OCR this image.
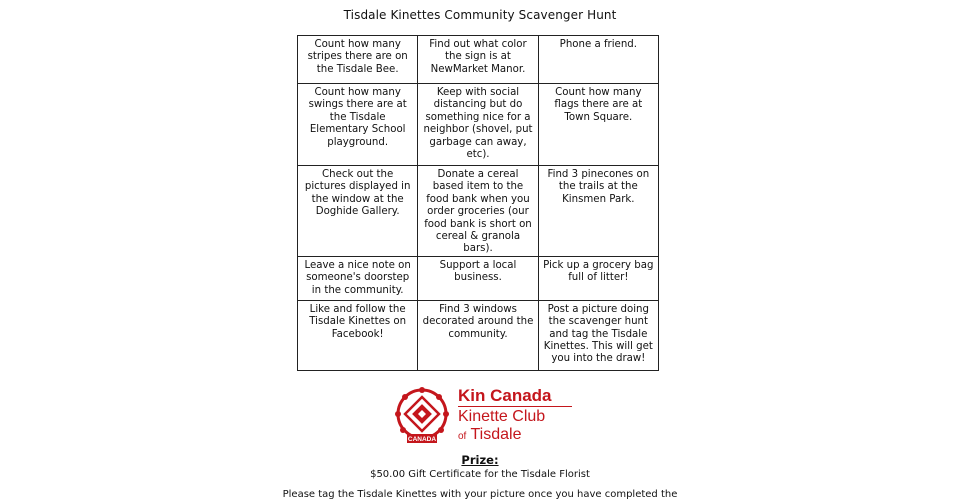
Tisdale Kinettes Community Scavenger Hunt
Count how many stripes there are on the Tisdale Bee.	Find out what color the sign is at NewMarket Manor.	Phone a friend.
Count how many swings there are at the Tisdale Elementary School playground.	Keep with social distancing but do something nice for a neighbor (shovel, put garbage can away, etc).	Count how many flags there are at Town Square.
Check out the pictures displayed in the window at the Doghide Gallery.	Donate a cereal based item to the food bank when you order groceries (our food bank is short on cereal & granola bars).	Find 3 pinecones on the trails at the Kinsmen Park.
Leave a nice note on someone's doorstep in the community.	Support a local business.	Pick up a grocery bag full of litter!
Like and follow the Tisdale Kinettes on Facebook!	Find 3 windows decorated around the community.	Post a picture doing the scavenger hunt and tag the Tisdale Kinettes. This will get you into the draw!
CANADA
Kin Canada
Kinette Club
of Tisdale
Prize:
$50.00 Gift Certificate for the Tisdale Florist
Please tag the Tisdale Kinettes with your picture once you have completed the
